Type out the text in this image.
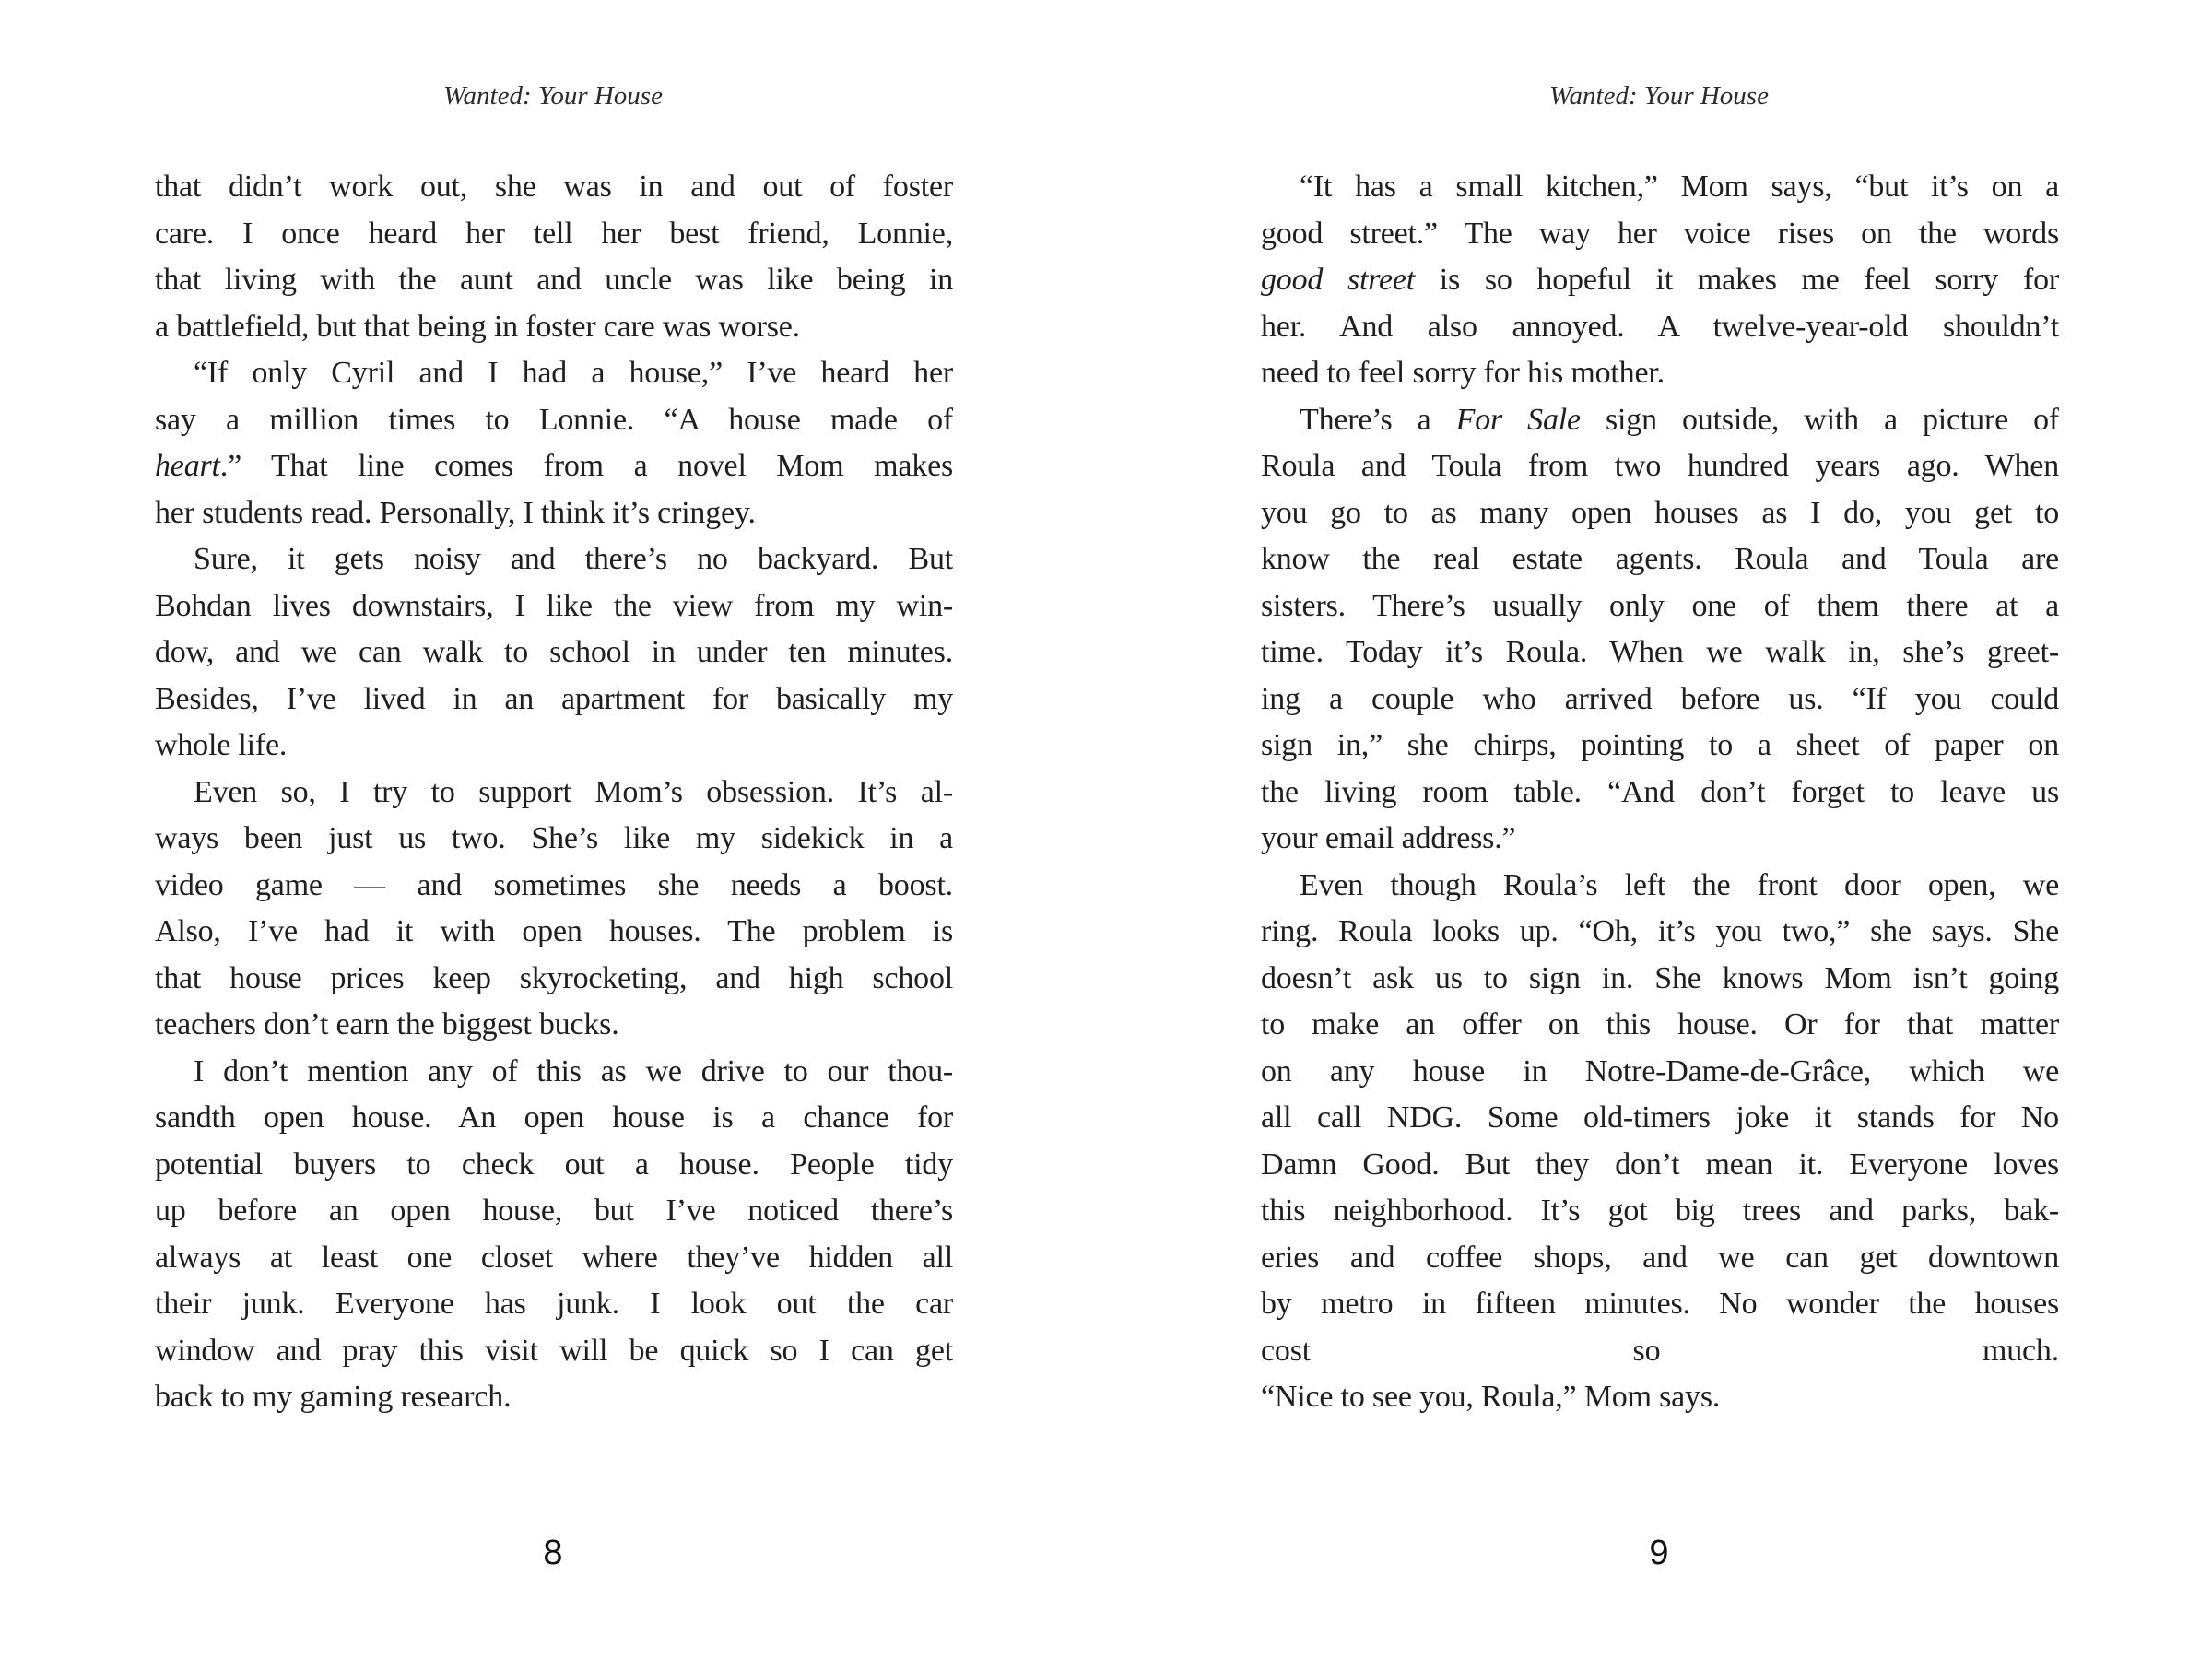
Wanted: Your House
that didn’t work out, she was in and out of foster
care. I once heard her tell her best friend, Lonnie,
that living with the aunt and uncle was like being in
a battlefield, but that being in foster care was worse.
“If only Cyril and I had a house,” I’ve heard her
say a million times to Lonnie. “A house made of
heart.” That line comes from a novel Mom makes
her students read. Personally, I think it’s cringey.
Sure, it gets noisy and there’s no backyard. But
Bohdan lives downstairs, I like the view from my win-
dow, and we can walk to school in under ten minutes.
Besides, I’ve lived in an apartment for basically my
whole life.
Even so, I try to support Mom’s obsession. It’s al-
ways been just us two. She’s like my sidekick in a
video game — and sometimes she needs a boost.
Also, I’ve had it with open houses. The problem is
that house prices keep skyrocketing, and high school
teachers don’t earn the biggest bucks.
I don’t mention any of this as we drive to our thou-
sandth open house. An open house is a chance for
potential buyers to check out a house. People tidy
up before an open house, but I’ve noticed there’s
always at least one closet where they’ve hidden all
their junk. Everyone has junk. I look out the car
window and pray this visit will be quick so I can get
back to my gaming research.
8
Wanted: Your House
“It has a small kitchen,” Mom says, “but it’s on a
good street.” The way her voice rises on the words
good street is so hopeful it makes me feel sorry for
her. And also annoyed. A twelve-year-old shouldn’t
need to feel sorry for his mother.
There’s a For Sale sign outside, with a picture of
Roula and Toula from two hundred years ago. When
you go to as many open houses as I do, you get to
know the real estate agents. Roula and Toula are
sisters. There’s usually only one of them there at a
time. Today it’s Roula. When we walk in, she’s greet-
ing a couple who arrived before us. “If you could
sign in,” she chirps, pointing to a sheet of paper on
the living room table. “And don’t forget to leave us
your email address.”
Even though Roula’s left the front door open, we
ring. Roula looks up. “Oh, it’s you two,” she says. She
doesn’t ask us to sign in. She knows Mom isn’t going
to make an offer on this house. Or for that matter
on any house in Notre-Dame-de-Grâce, which we
all call NDG. Some old-timers joke it stands for No
Damn Good. But they don’t mean it. Everyone loves
this neighborhood. It’s got big trees and parks, bak-
eries and coffee shops, and we can get downtown
by metro in fifteen minutes. No wonder the houses
cost so much.
“Nice to see you, Roula,” Mom says.
9
